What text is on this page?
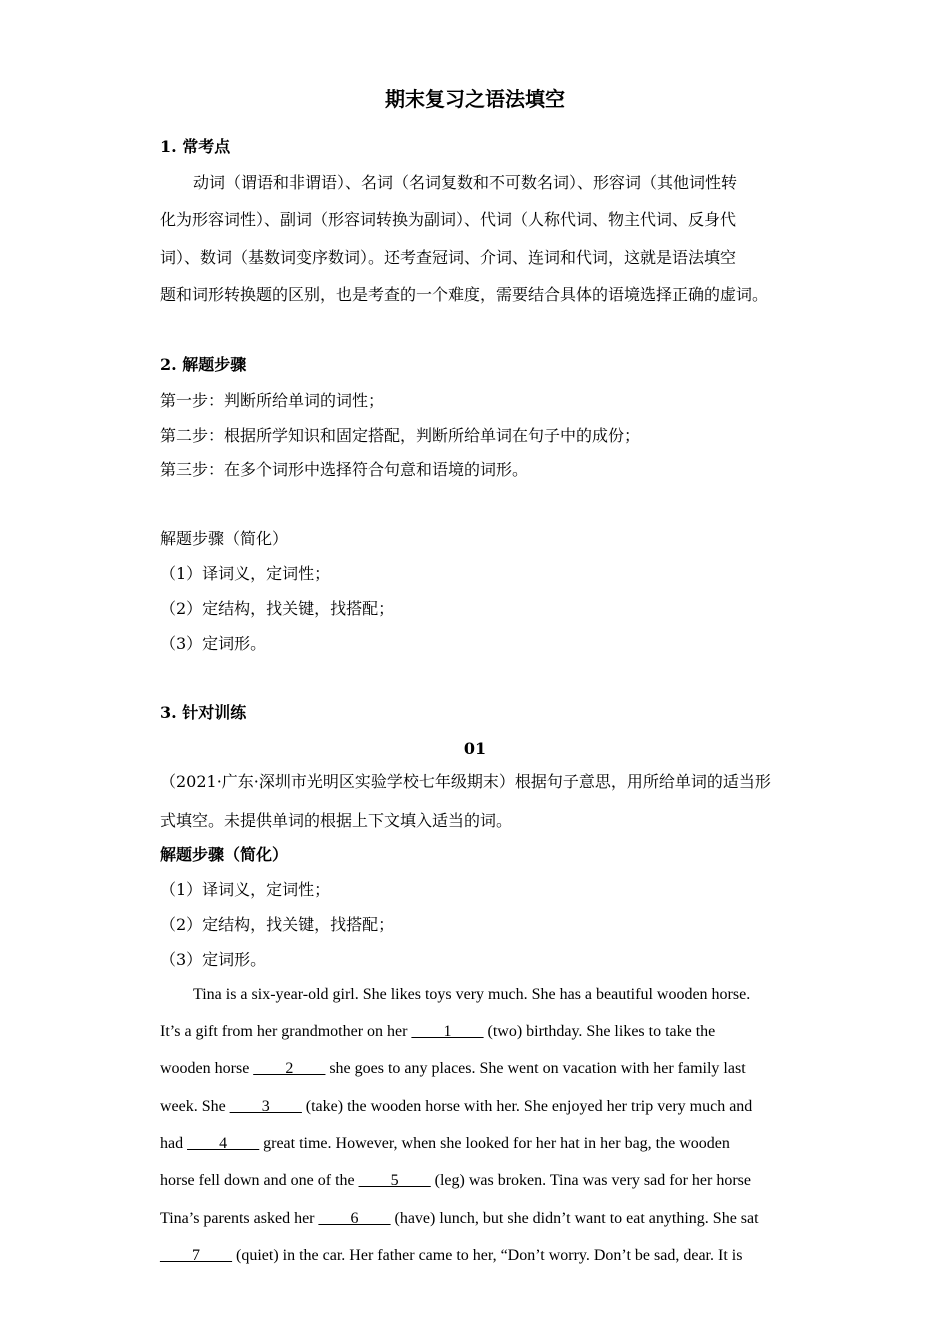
期末复习之语法填空
1. 常考点
动词（谓语和非谓语）、名词（名词复数和不可数名词）、形容词（其他词性转
化为形容词性）、副词（形容词转换为副词）、代词（人称代词、物主代词、反身代
词）、数词（基数词变序数词）。还考查冠词、介词、连词和代词，这就是语法填空
题和词形转换题的区别，也是考查的一个难度，需要结合具体的语境选择正确的虚词。
2. 解题步骤
第一步：判断所给单词的词性；
第二步：根据所学知识和固定搭配，判断所给单词在句子中的成份；
第三步：在多个词形中选择符合句意和语境的词形。
解题步骤（简化）
（1）译词义，定词性；
（2）定结构，找关键，找搭配；
（3）定词形。
3. 针对训练
01
（2021·广东·深圳市光明区实验学校七年级期末）根据句子意思，用所给单词的适当形
式填空。未提供单词的根据上下文填入适当的词。
解题步骤（简化）
（1）译词义，定词性；
（2）定结构，找关键，找搭配；
（3）定词形。
Tina is a six-year-old girl. She likes toys very much. She has a beautiful wooden horse.
It’s a gift from her grandmother on her ____1____ (two) birthday. She likes to take the
wooden horse ____2____ she goes to any places. She went on vacation with her family last
week. She ____3____ (take) the wooden horse with her. She enjoyed her trip very much and
had ____4____ great time. However, when she looked for her hat in her bag, the wooden
horse fell down and one of the ____5____ (leg) was broken. Tina was very sad for her horse
Tina’s parents asked her ____6____ (have) lunch, but she didn’t want to eat anything. She sat
____7____ (quiet) in the car. Her father came to her, “Don’t worry. Don’t be sad, dear. It is
